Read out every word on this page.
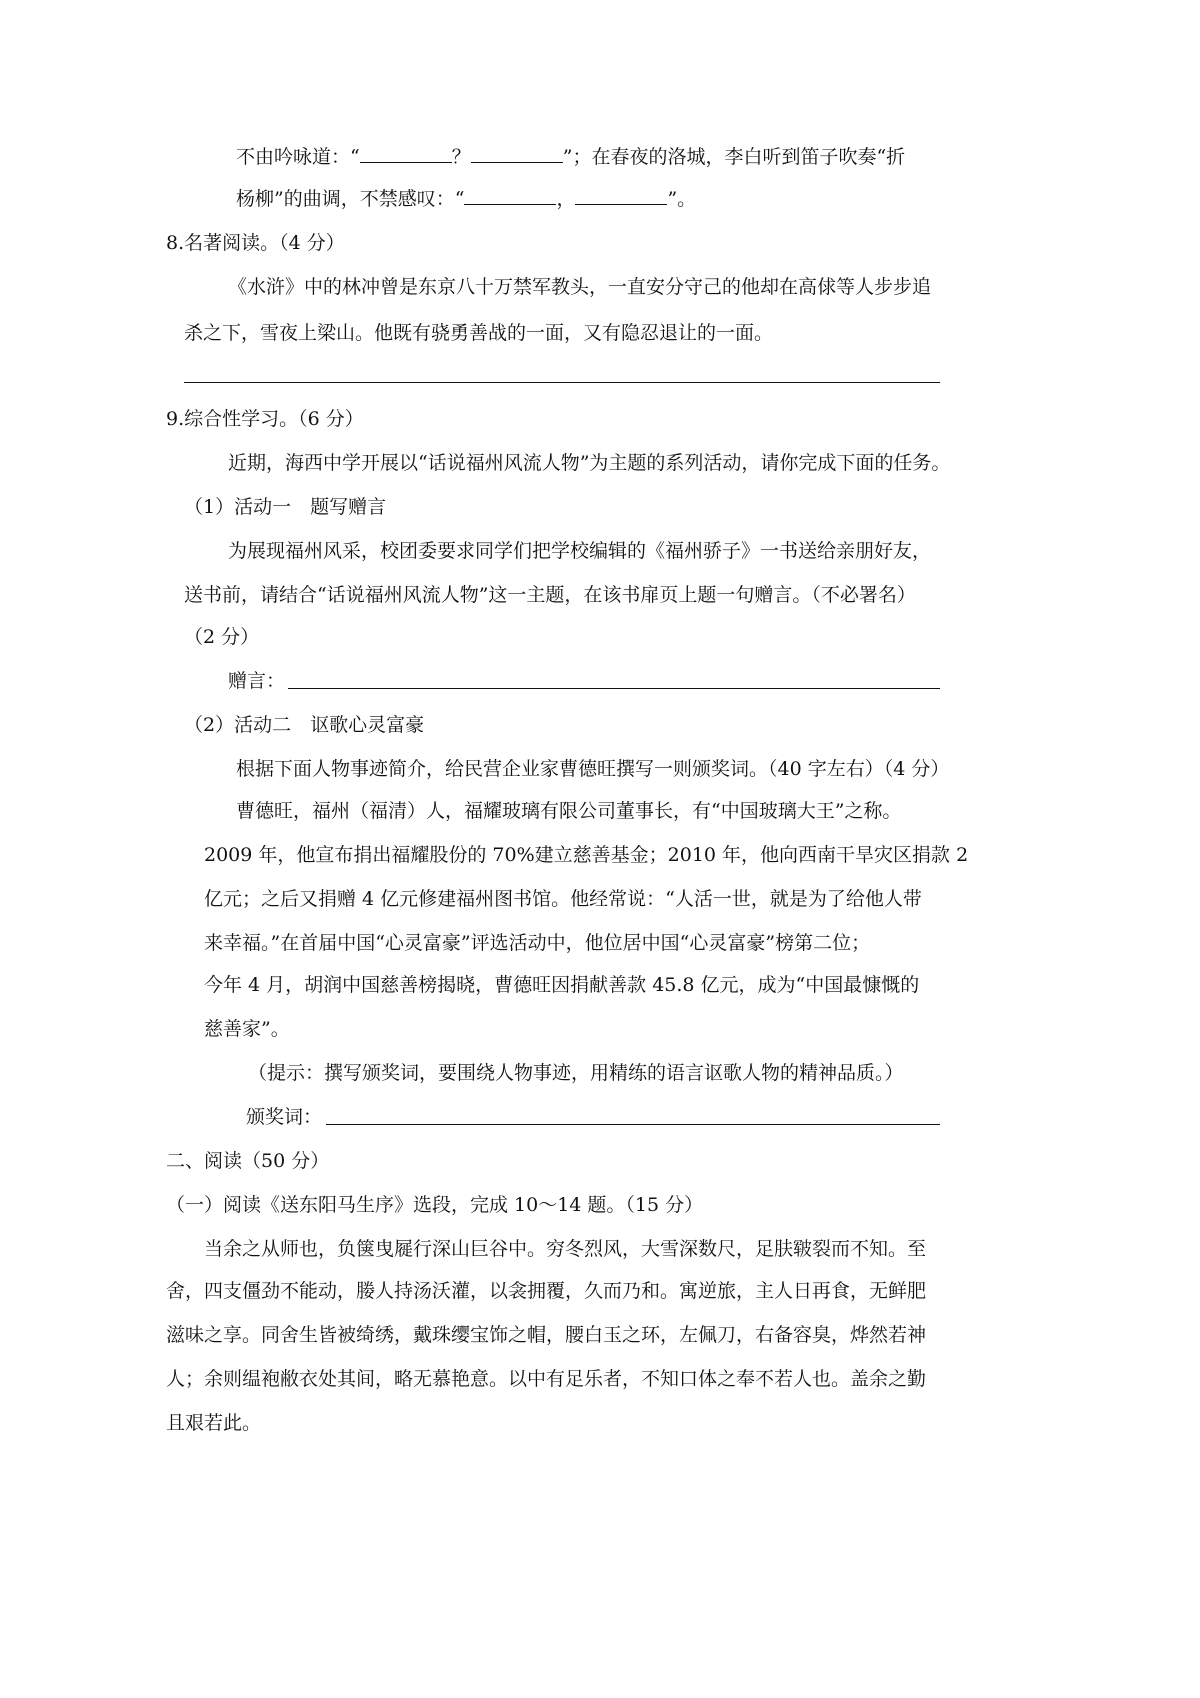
不由吟咏道：“	？	”；在春夜的洛城，李白听到笛子吹奏“折
杨柳”的曲调，不禁感叹：“	，	”。
8.名著阅读。（4 分）
《水浒》中的林冲曾是东京八十万禁军教头，一直安分守己的他却在高俅等人步步追
杀之下，雪夜上梁山。他既有骁勇善战的一面，又有隐忍退让的一面。
9.综合性学习。（6 分）
近期，海西中学开展以“话说福州风流人物”为主题的系列活动，请你完成下面的任务。
（1）活动一　题写赠言
为展现福州风采，校团委要求同学们把学校编辑的《福州骄子》一书送给亲朋好友，
送书前，请结合“话说福州风流人物”这一主题，在该书扉页上题一句赠言。（不必署名）
（2 分）
赠言：
（2）活动二　讴歌心灵富豪
根据下面人物事迹简介，给民营企业家曹德旺撰写一则颁奖词。（40 字左右）（4 分）
曹德旺，福州（福清）人，福耀玻璃有限公司董事长，有“中国玻璃大王”之称。
2009 年，他宣布捐出福耀股份的 70%建立慈善基金；2010 年，他向西南干旱灾区捐款 2
亿元；之后又捐赠 4 亿元修建福州图书馆。他经常说：“人活一世，就是为了给他人带
来幸福。”在首届中国“心灵富豪”评选活动中，他位居中国“心灵富豪”榜第二位；
今年 4 月，胡润中国慈善榜揭晓，曹德旺因捐献善款 45.8 亿元，成为“中国最慷慨的
慈善家”。
（提示：撰写颁奖词，要围绕人物事迹，用精练的语言讴歌人物的精神品质。）
颁奖词：
二、阅读（50 分）
（一）阅读《送东阳马生序》选段，完成 10～14 题。（15 分）
当余之从师也，负箧曳屣行深山巨谷中。穷冬烈风，大雪深数尺，足肤皲裂而不知。至
舍，四支僵劲不能动，媵人持汤沃灌，以衾拥覆，久而乃和。寓逆旅，主人日再食，无鲜肥
滋味之享。同舍生皆被绮绣，戴珠缨宝饰之帽，腰白玉之环，左佩刀，右备容臭，烨然若神
人；余则缊袍敝衣处其间，略无慕艳意。以中有足乐者，不知口体之奉不若人也。盖余之勤
且艰若此。
